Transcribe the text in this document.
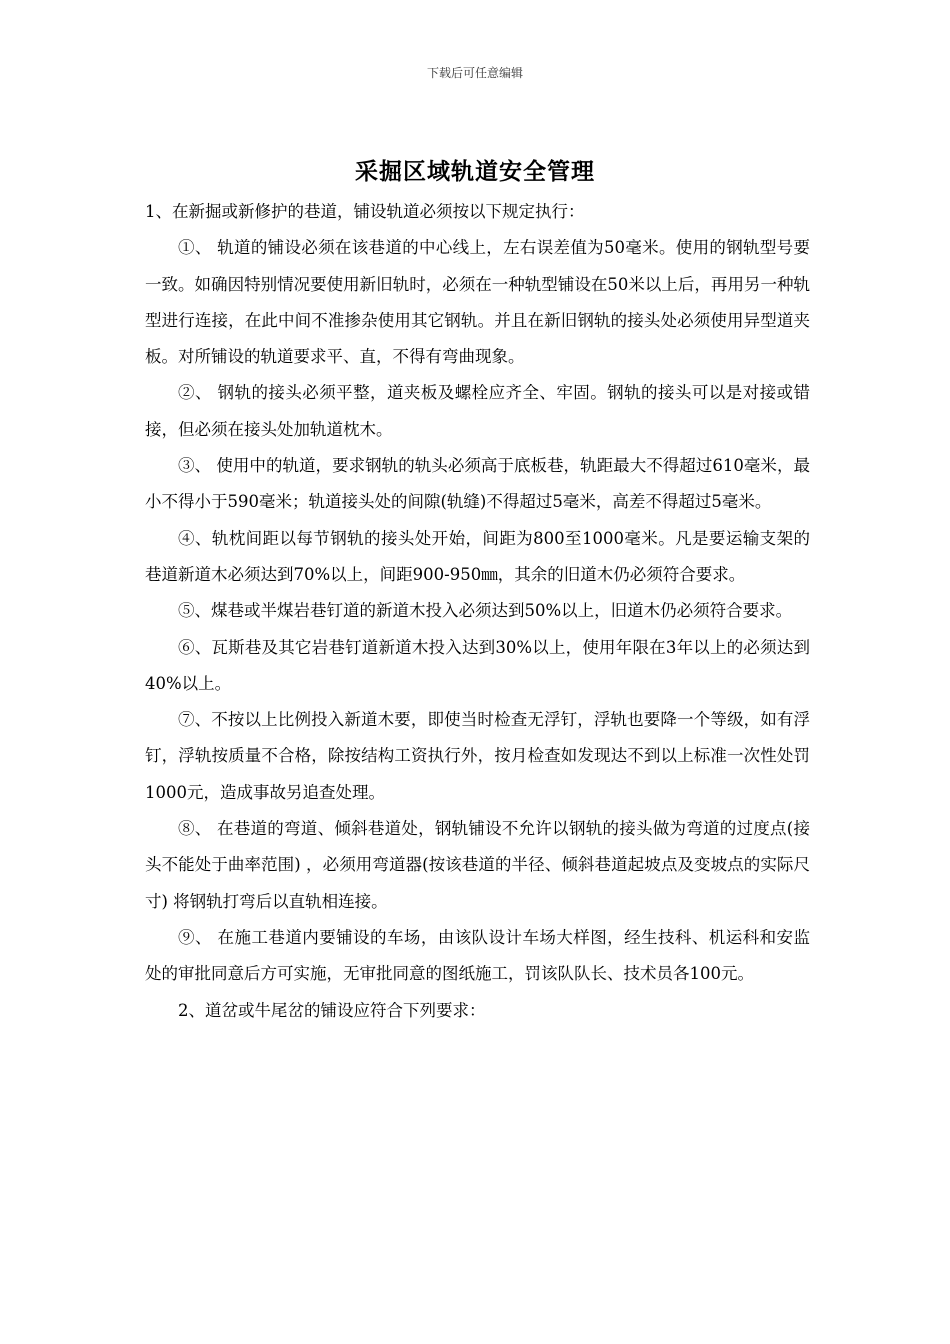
下载后可任意编辑
采掘区域轨道安全管理

1、在新掘或新修护的巷道，铺设轨道必须按以下规定执行：

①、 轨道的铺设必须在该巷道的中心线上，左右误差值为50毫米。使用的钢轨型号要一致。如确因特别情况要使用新旧轨时，必须在一种轨型铺设在50米以上后，再用另一种轨型进行连接，在此中间不准掺杂使用其它钢轨。并且在新旧钢轨的接头处必须使用异型道夹板。对所铺设的轨道要求平、直，不得有弯曲现象。

②、 钢轨的接头必须平整，道夹板及螺栓应齐全、牢固。钢轨的接头可以是对接或错接，但必须在接头处加轨道枕木。

③、 使用中的轨道，要求钢轨的轨头必须高于底板巷，轨距最大不得超过610毫米，最小不得小于590毫米；轨道接头处的间隙(轨缝)不得超过5毫米，高差不得超过5毫米。

④、轨枕间距以每节钢轨的接头处开始，间距为800至1000毫米。凡是要运输支架的巷道新道木必须达到70%以上，间距900-950㎜，其余的旧道木仍必须符合要求。

⑤、煤巷或半煤岩巷钉道的新道木投入必须达到50%以上，旧道木仍必须符合要求。

⑥、瓦斯巷及其它岩巷钉道新道木投入达到30%以上，使用年限在3年以上的必须达到40%以上。

⑦、不按以上比例投入新道木要，即使当时检查无浮钉，浮轨也要降一个等级，如有浮钉，浮轨按质量不合格，除按结构工资执行外，按月检查如发现达不到以上标准一次性处罚1000元，造成事故另追查处理。

⑧、 在巷道的弯道、倾斜巷道处，钢轨铺设不允许以钢轨的接头做为弯道的过度点(接头不能处于曲率范围) ，必须用弯道器(按该巷道的半径、倾斜巷道起坡点及变坡点的实际尺寸) 将钢轨打弯后以直轨相连接。

⑨、 在施工巷道内要铺设的车场，由该队设计车场大样图，经生技科、机运科和安监处的审批同意后方可实施，无审批同意的图纸施工，罚该队队长、技术员各100元。

2、道岔或牛尾岔的铺设应符合下列要求：
